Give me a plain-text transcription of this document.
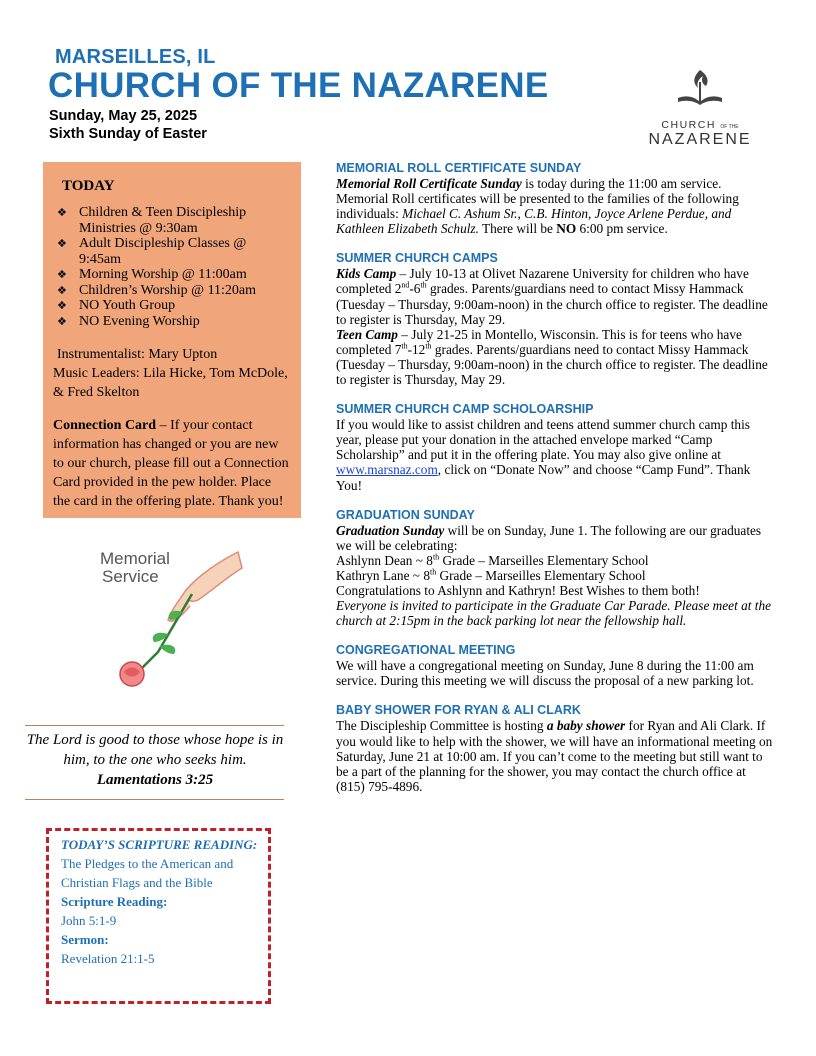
MARSEILLES, IL
CHURCH OF THE NAZARENE
Sunday, May 25, 2025
Sixth Sunday of Easter
CHURCH OF THE
NAZARENE
TODAY
❖ Children & Teen Discipleship Ministries @ 9:30am
❖ Adult Discipleship Classes @ 9:45am
❖ Morning Worship @ 11:00am
❖ Children’s Worship @ 11:20am
❖ NO Youth Group
❖ NO Evening Worship
Instrumentalist: Mary Upton
Music Leaders: Lila Hicke, Tom McDole, & Fred Skelton
Connection Card – If your contact information has changed or you are new to our church, please fill out a Connection Card provided in the pew holder. Place the card in the offering plate. Thank you!
Memorial
Service
The Lord is good to those whose hope is in him, to the one who seeks him.
Lamentations 3:25
TODAY’S SCRIPTURE READING:
The Pledges to the American and Christian Flags and the Bible
Scripture Reading:
John 5:1-9
Sermon:
Revelation 21:1-5
MEMORIAL ROLL CERTIFICATE SUNDAY
Memorial Roll Certificate Sunday is today during the 11:00 am service. Memorial Roll certificates will be presented to the families of the following individuals: Michael C. Ashum Sr., C.B. Hinton, Joyce Arlene Perdue, and Kathleen Elizabeth Schulz. There will be NO 6:00 pm service.
SUMMER CHURCH CAMPS
Kids Camp – July 10-13 at Olivet Nazarene University for children who have completed 2nd-6th grades. Parents/guardians need to contact Missy Hammack (Tuesday – Thursday, 9:00am-noon) in the church office to register. The deadline to register is Thursday, May 29.
Teen Camp – July 21-25 in Montello, Wisconsin. This is for teens who have completed 7th-12th grades. Parents/guardians need to contact Missy Hammack (Tuesday – Thursday, 9:00am-noon) in the church office to register. The deadline to register is Thursday, May 29.
SUMMER CHURCH CAMP SCHOLOARSHIP
If you would like to assist children and teens attend summer church camp this year, please put your donation in the attached envelope marked “Camp Scholarship” and put it in the offering plate. You may also give online at www.marsnaz.com, click on “Donate Now” and choose “Camp Fund”. Thank You!
GRADUATION SUNDAY
Graduation Sunday will be on Sunday, June 1. The following are our graduates we will be celebrating:
Ashlynn Dean ~ 8th Grade – Marseilles Elementary School
Kathryn Lane ~ 8th Grade – Marseilles Elementary School
Congratulations to Ashlynn and Kathryn! Best Wishes to them both!
Everyone is invited to participate in the Graduate Car Parade. Please meet at the church at 2:15pm in the back parking lot near the fellowship hall.
CONGREGATIONAL MEETING
We will have a congregational meeting on Sunday, June 8 during the 11:00 am service. During this meeting we will discuss the proposal of a new parking lot.
BABY SHOWER FOR RYAN & ALI CLARK
The Discipleship Committee is hosting a baby shower for Ryan and Ali Clark. If you would like to help with the shower, we will have an informational meeting on Saturday, June 21 at 10:00 am. If you can’t come to the meeting but still want to be a part of the planning for the shower, you may contact the church office at (815) 795-4896.
